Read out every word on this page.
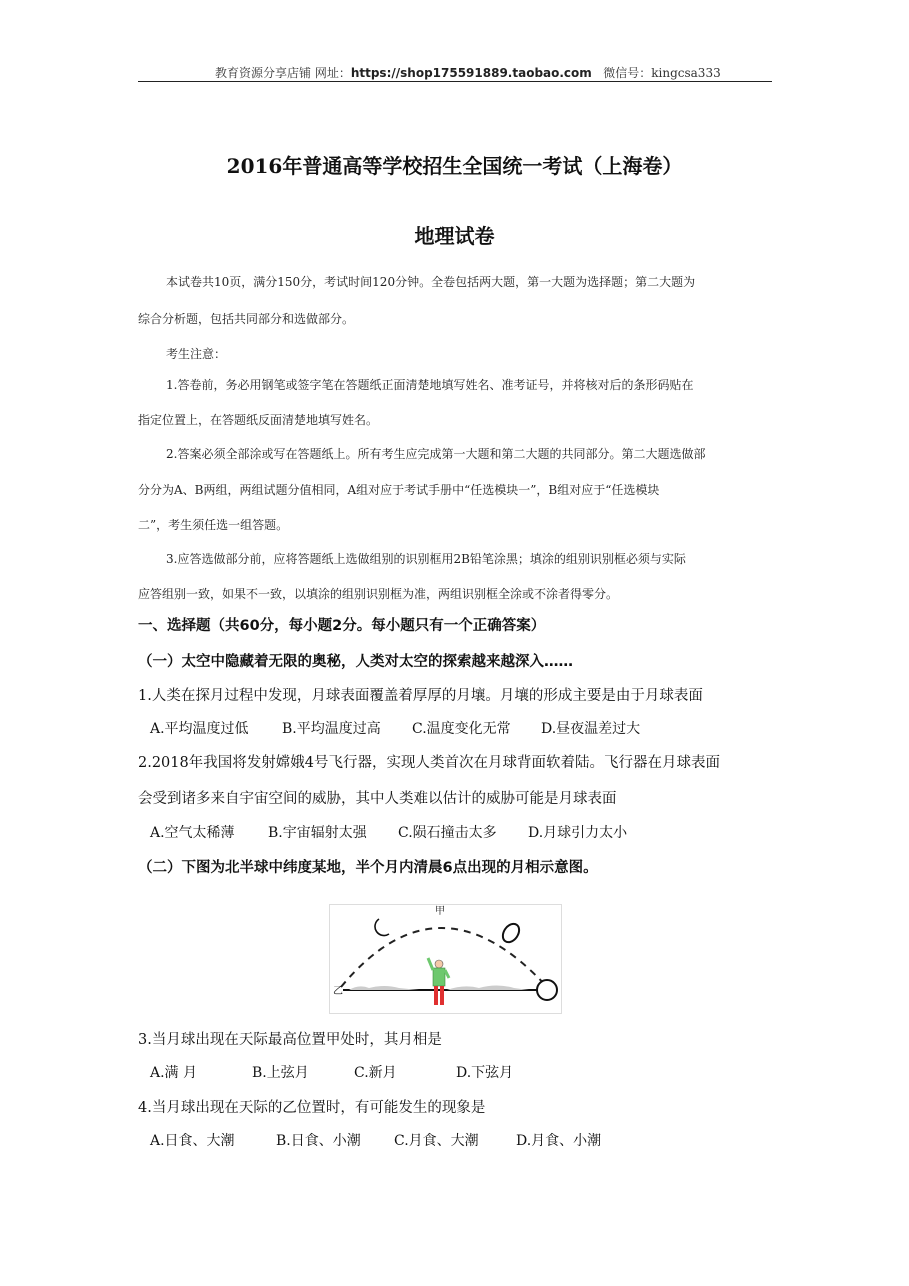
教育资源分享店铺 网址：https://shop175591889.taobao.com 微信号：kingcsa333
2016年普通高等学校招生全国统一考试（上海卷）
地理试卷
本试卷共10页，满分150分，考试时间120分钟。全卷包括两大题，第一大题为选择题；第二大题为
综合分析题，包括共同部分和选做部分。
考生注意：
1.答卷前，务必用钢笔或签字笔在答题纸正面清楚地填写姓名、准考证号，并将核对后的条形码贴在
指定位置上，在答题纸反面清楚地填写姓名。
2.答案必须全部涂或写在答题纸上。所有考生应完成第一大题和第二大题的共同部分。第二大题选做部
分分为A、B两组，两组试题分值相同，A组对应于考试手册中“任选模块一”，B组对应于“任选模块
二”，考生须任选一组答题。
3.应答选做部分前，应将答题纸上选做组别的识别框用2B铅笔涂黑；填涂的组别识别框必须与实际
应答组别一致，如果不一致，以填涂的组别识别框为准，两组识别框全涂或不涂者得零分。
一、选择题（共60分，每小题2分。每小题只有一个正确答案）
（一）太空中隐藏着无限的奥秘，人类对太空的探索越来越深入……
1.人类在探月过程中发现，月球表面覆盖着厚厚的月壤。月壤的形成主要是由于月球表面
A.平均温度过低 B.平均温度过高 C.温度变化无常 D.昼夜温差过大
2.2018年我国将发射嫦娥4号飞行器，实现人类首次在月球背面软着陆。飞行器在月球表面
会受到诸多来自宇宙空间的威胁，其中人类难以估计的威胁可能是月球表面
A.空气太稀薄 B.宇宙辐射太强 C.陨石撞击太多 D.月球引力太小
（二）下图为北半球中纬度某地，半个月内清晨6点出现的月相示意图。
甲
乙
3.当月球出现在天际最高位置甲处时，其月相是
A.满 月	B.上弦月	C.新月	D.下弦月
4.当月球出现在天际的乙位置时，有可能发生的现象是
A.日食、大潮	B.日食、小潮 C.月食、大潮	D.月食、小潮
